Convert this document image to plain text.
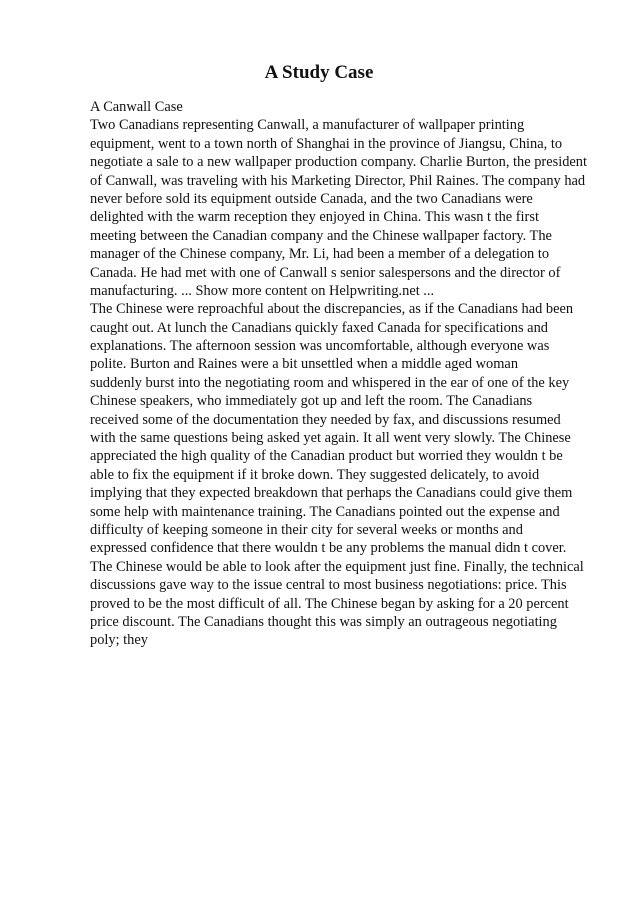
A Study Case
A Canwall Case
Two Canadians representing Canwall, a manufacturer of wallpaper printing
equipment, went to a town north of Shanghai in the province of Jiangsu, China, to
negotiate a sale to a new wallpaper production company. Charlie Burton, the president
of Canwall, was traveling with his Marketing Director, Phil Raines. The company had
never before sold its equipment outside Canada, and the two Canadians were
delighted with the warm reception they enjoyed in China. This wasn t the first
meeting between the Canadian company and the Chinese wallpaper factory. The
manager of the Chinese company, Mr. Li, had been a member of a delegation to
Canada. He had met with one of Canwall s senior salespersons and the director of
manufacturing. ... Show more content on Helpwriting.net ...
The Chinese were reproachful about the discrepancies, as if the Canadians had been
caught out. At lunch the Canadians quickly faxed Canada for specifications and
explanations. The afternoon session was uncomfortable, although everyone was
polite. Burton and Raines were a bit unsettled when a middle aged woman
suddenly burst into the negotiating room and whispered in the ear of one of the key
Chinese speakers, who immediately got up and left the room. The Canadians
received some of the documentation they needed by fax, and discussions resumed
with the same questions being asked yet again. It all went very slowly. The Chinese
appreciated the high quality of the Canadian product but worried they wouldn t be
able to fix the equipment if it broke down. They suggested delicately, to avoid
implying that they expected breakdown that perhaps the Canadians could give them
some help with maintenance training. The Canadians pointed out the expense and
difficulty of keeping someone in their city for several weeks or months and
expressed confidence that there wouldn t be any problems the manual didn t cover.
The Chinese would be able to look after the equipment just fine. Finally, the technical
discussions gave way to the issue central to most business negotiations: price. This
proved to be the most difficult of all. The Chinese began by asking for a 20 percent
price discount. The Canadians thought this was simply an outrageous negotiating
poly; they
